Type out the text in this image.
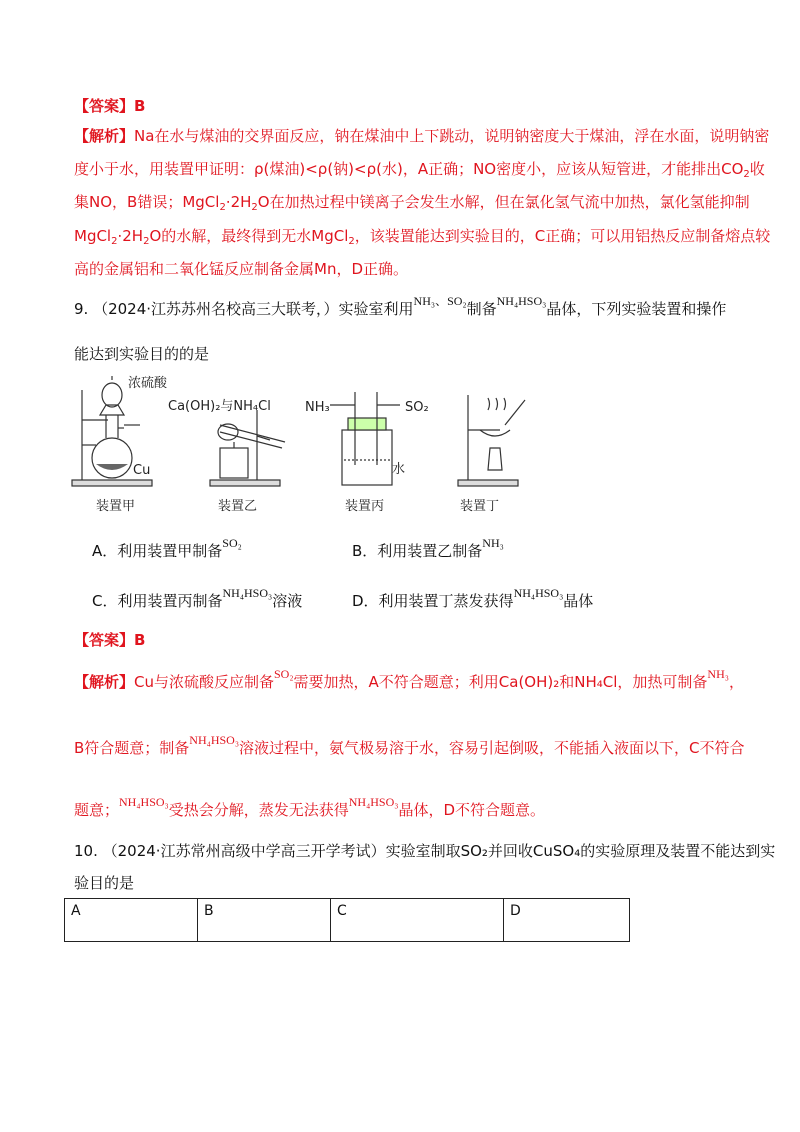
【答案】B
【解析】Na在水与煤油的交界面反应，钠在煤油中上下跳动，说明钠密度大于煤油，浮在水面，说明钠密
度小于水，用装置甲证明：ρ(煤油)<ρ(钠)<ρ(水)，A正确；NO密度小，应该从短管进，才能排出$CO_2$收
集NO，B错误；$MgCl_2\cdot 2H_2O$在加热过程中镁离子会发生水解，但在氯化氢气流中加热，氯化氢能抑制
$MgCl_2\cdot 2H_2O$的水解，最终得到无水MgCl$_2$，该装置能达到实验目的，C正确；可以用铝热反应制备熔点较
高的金属铝和二氧化锰反应制备金属Mn，D正确。
9. （2024·江苏苏州名校高三大联考，）实验室利用$^{NH_3、SO_2}$制备$^{NH_4HSO_3}$晶体，下列实验装置和操作
能达到实验目的的是
浓硫酸
Cu
Ca(OH)₂与NH₄Cl	NH₃	SO₂
水
装置甲	装置乙	装置丙	装置丁
A．利用装置甲制备$^{SO_2}$	B．利用装置乙制备$^{NH_3}$
C．利用装置丙制备$^{NH_4HSO_3}$溶液	D．利用装置丁蒸发获得$^{NH_4HSO_3}$晶体
【答案】B
【解析】Cu与浓硫酸反应制备$^{SO_2}$需要加热，A不符合题意；利用Ca(OH)₂和NH₄Cl，加热可制备$^{NH_3}$，
B符合题意；制备$^{NH_4HSO_3}$溶液过程中，氨气极易溶于水，容易引起倒吸，不能插入液面以下，C不符合
题意；$^{NH_4HSO_3}$受热会分解，蒸发无法获得$^{NH_4HSO_3}$晶体，D不符合题意。
10. （2024·江苏常州高级中学高三开学考试）实验室制取SO₂并回收CuSO₄的实验原理及装置不能达到实
验目的是
A	B	C	D
